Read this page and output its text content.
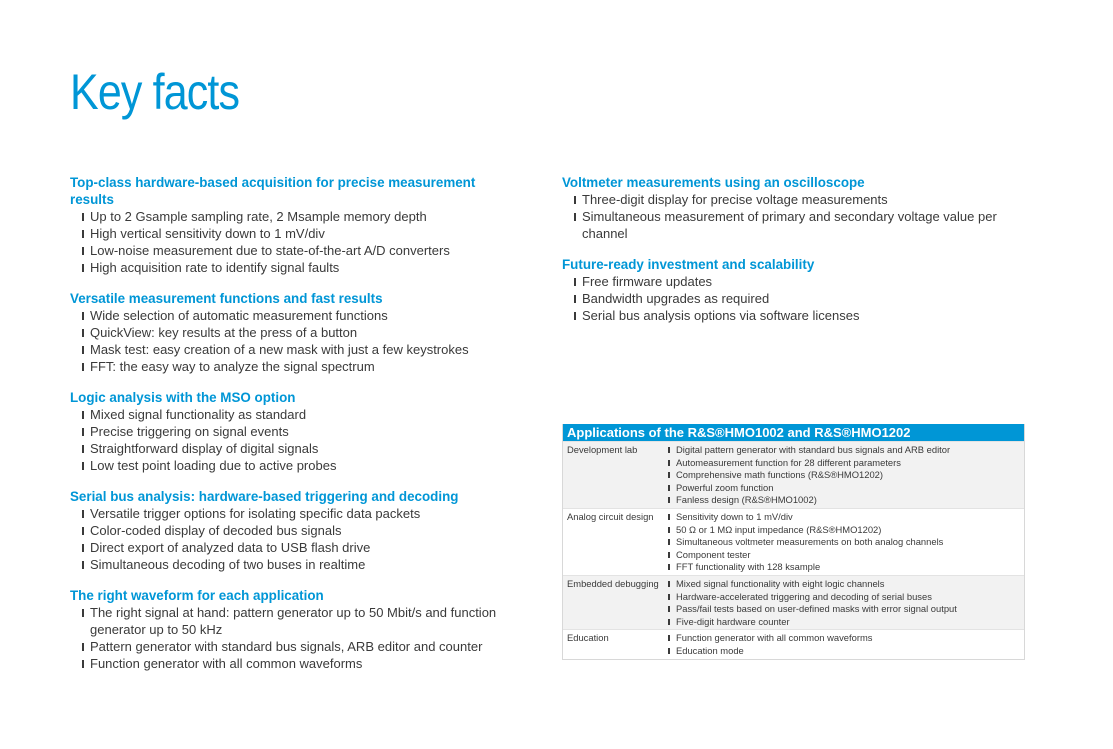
Key facts
Top-class hardware-based acquisition for precise measurement results
Up to 2 Gsample sampling rate, 2 Msample memory depth
High vertical sensitivity down to 1 mV/div
Low-noise measurement due to state-of-the-art A/D converters
High acquisition rate to identify signal faults
Versatile measurement functions and fast results
Wide selection of automatic measurement functions
QuickView: key results at the press of a button
Mask test: easy creation of a new mask with just a few keystrokes
FFT: the easy way to analyze the signal spectrum
Logic analysis with the MSO option
Mixed signal functionality as standard
Precise triggering on signal events
Straightforward display of digital signals
Low test point loading due to active probes
Serial bus analysis: hardware-based triggering and decoding
Versatile trigger options for isolating specific data packets
Color-coded display of decoded bus signals
Direct export of analyzed data to USB flash drive
Simultaneous decoding of two buses in realtime
The right waveform for each application
The right signal at hand: pattern generator up to 50 Mbit/s and function generator up to 50 kHz
Pattern generator with standard bus signals, ARB editor and counter
Function generator with all common waveforms
Voltmeter measurements using an oscilloscope
Three-digit display for precise voltage measurements
Simultaneous measurement of primary and secondary voltage value per channel
Future-ready investment and scalability
Free firmware updates
Bandwidth upgrades as required
Serial bus analysis options via software licenses
Applications of the R&S®HMO1002 and R&S®HMO1202
Development lab	Digital pattern generator with standard bus signals and ARB editor
Automeasurement function for 28 different parameters
Comprehensive math functions (R&S®HMO1202)
Powerful zoom function
Fanless design (R&S®HMO1002)
Analog circuit design	Sensitivity down to 1 mV/div
50 Ω or 1 MΩ input impedance (R&S®HMO1202)
Simultaneous voltmeter measurements on both analog channels
Component tester
FFT functionality with 128 ksample
Embedded debugging	Mixed signal functionality with eight logic channels
Hardware-accelerated triggering and decoding of serial buses
Pass/fail tests based on user-defined masks with error signal output
Five-digit hardware counter
Education	Function generator with all common waveforms
Education mode
